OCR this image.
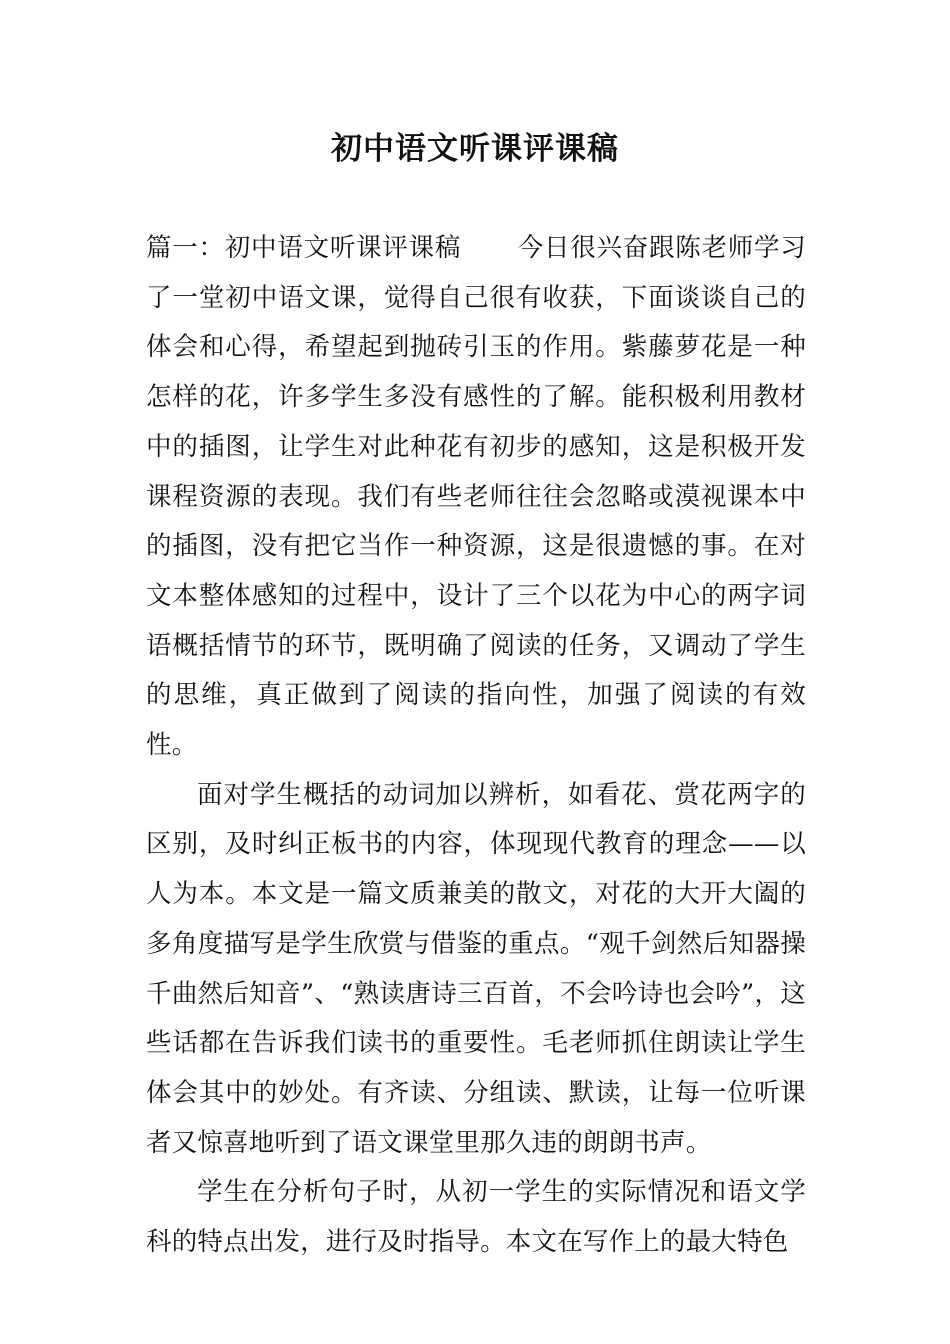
初中语文听课评课稿

篇一：初中语文听课评课稿 今日很兴奋跟陈老师学习了一堂初中语文课，觉得自己很有收获，下面谈谈自己的体会和心得，希望起到抛砖引玉的作用。紫藤萝花是一种怎样的花，许多学生多没有感性的了解。能积极利用教材中的插图，让学生对此种花有初步的感知，这是积极开发课程资源的表现。我们有些老师往往会忽略或漠视课本中的插图，没有把它当作一种资源，这是很遗憾的事。在对文本整体感知的过程中，设计了三个以花为中心的两字词语概括情节的环节，既明确了阅读的任务，又调动了学生的思维，真正做到了阅读的指向性，加强了阅读的有效性。

面对学生概括的动词加以辨析，如看花、赏花两字的区别，及时纠正板书的内容，体现现代教育的理念——以人为本。本文是一篇文质兼美的散文，对花的大开大阖的多角度描写是学生欣赏与借鉴的重点。“观千剑然后知器操千曲然后知音”、“熟读唐诗三百首，不会吟诗也会吟”，这些话都在告诉我们读书的重要性。毛老师抓住朗读让学生体会其中的妙处。有齐读、分组读、默读，让每一位听课者又惊喜地听到了语文课堂里那久违的朗朗书声。

学生在分析句子时，从初一学生的实际情况和语文学科的特点出发，进行及时指导。本文在写作上的最大特色
